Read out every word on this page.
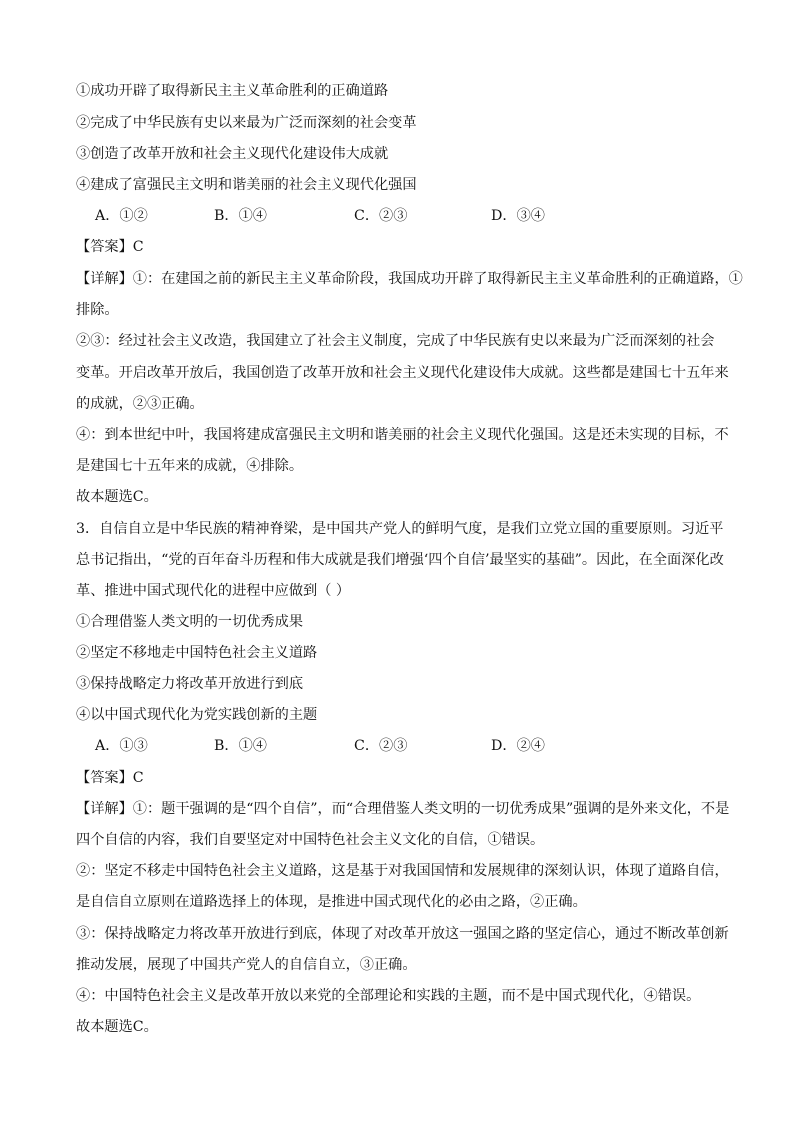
①成功开辟了取得新民主主义革命胜利的正确道路
②完成了中华民族有史以来最为广泛而深刻的社会变革
③创造了改革开放和社会主义现代化建设伟大成就
④建成了富强民主文明和谐美丽的社会主义现代化强国
A．①②	B．①④	C．②③	D．③④
【答案】C
【详解】①：在建国之前的新民主主义革命阶段，我国成功开辟了取得新民主主义革命胜利的正确道路，①
排除。
②③：经过社会主义改造，我国建立了社会主义制度，完成了中华民族有史以来最为广泛而深刻的社会
变革。开启改革开放后，我国创造了改革开放和社会主义现代化建设伟大成就。这些都是建国七十五年来
的成就，②③正确。
④：到本世纪中叶，我国将建成富强民主文明和谐美丽的社会主义现代化强国。这是还未实现的目标，不
是建国七十五年来的成就，④排除。
故本题选C。
3．自信自立是中华民族的精神脊梁，是中国共产党人的鲜明气度，是我们立党立国的重要原则。习近平
总书记指出，“党的百年奋斗历程和伟大成就是我们增强‘四个自信’最坚实的基础”。因此，在全面深化改
革、推进中国式现代化的进程中应做到（ ）
①合理借鉴人类文明的一切优秀成果
②坚定不移地走中国特色社会主义道路
③保持战略定力将改革开放进行到底
④以中国式现代化为党实践创新的主题
A．①③	B．①④	C．②③	D．②④
【答案】C
【详解】①：题干强调的是“四个自信”，而“合理借鉴人类文明的一切优秀成果”强调的是外来文化，不是
四个自信的内容，我们自要坚定对中国特色社会主义文化的自信，①错误。
②：坚定不移走中国特色社会主义道路，这是基于对我国国情和发展规律的深刻认识，体现了道路自信，
是自信自立原则在道路选择上的体现，是推进中国式现代化的必由之路，②正确。
③：保持战略定力将改革开放进行到底，体现了对改革开放这一强国之路的坚定信心，通过不断改革创新
推动发展，展现了中国共产党人的自信自立，③正确。
④：中国特色社会主义是改革开放以来党的全部理论和实践的主题，而不是中国式现代化，④错误。
故本题选C。
